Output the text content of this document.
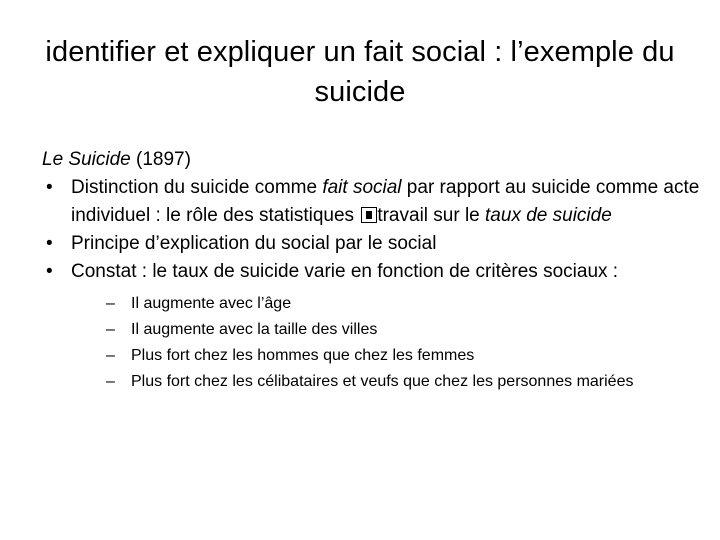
identifier et expliquer un fait social : l’exemple du suicide

Le Suicide (1897)

• Distinction du suicide comme fait social par rapport au suicide comme acte individuel : le rôle des statistiques travail sur le taux de suicide
• Principe d’explication du social par le social
• Constat : le taux de suicide varie en fonction de critères sociaux :
– Il augmente avec l’âge
– Il augmente avec la taille des villes
– Plus fort chez les hommes que chez les femmes
– Plus fort chez les célibataires et veufs que chez les personnes mariées
